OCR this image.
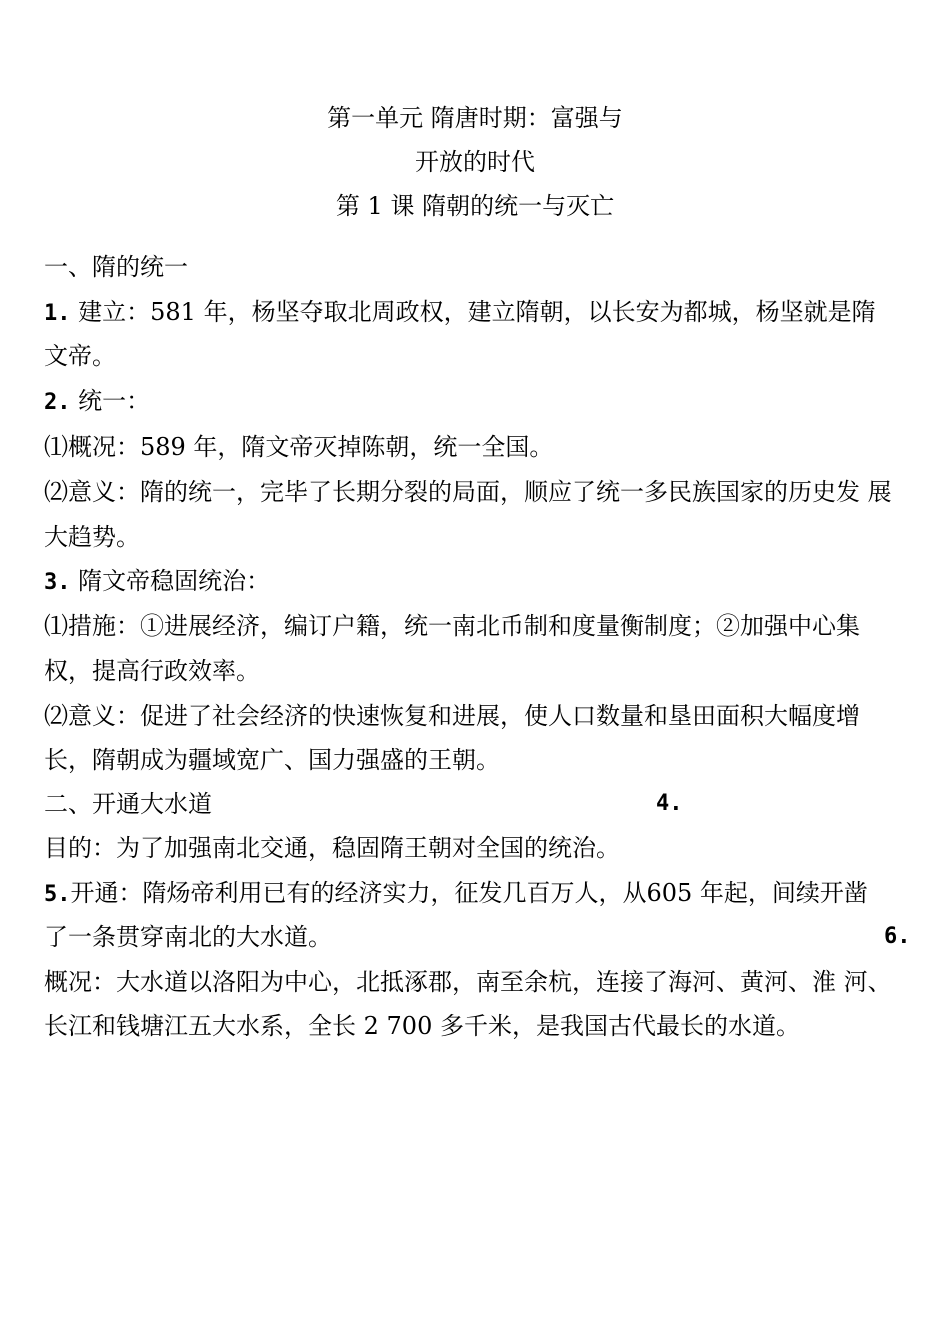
第一单元 隋唐时期：富强与
开放的时代
第 1 课 隋朝的统一与灭亡
一、隋的统一
1. 建立：581 年，杨坚夺取北周政权，建立隋朝，以长安为都城，杨坚就是隋
文帝。
2. 统一：
⑴概况：589 年，隋文帝灭掉陈朝，统一全国。
⑵意义：隋的统一，完毕了长期分裂的局面，顺应了统一多民族国家的历史发 展
大趋势。
3. 隋文帝稳固统治：
⑴措施：①进展经济，编订户籍，统一南北币制和度量衡制度；②加强中心集
权，提高行政效率。
⑵意义：促进了社会经济的快速恢复和进展，使人口数量和垦田面积大幅度增
长，隋朝成为疆域宽广、国力强盛的王朝。
二、开通大水道	4.
目的：为了加强南北交通，稳固隋王朝对全国的统治。
5.开通：隋炀帝利用已有的经济实力，征发几百万人，从605 年起，间续开凿
了一条贯穿南北的大水道。	6.
概况：大水道以洛阳为中心，北抵涿郡，南至余杭，连接了海河、黄河、淮 河、
长江和钱塘江五大水系，全长 2 700 多千米，是我国古代最长的水道。
